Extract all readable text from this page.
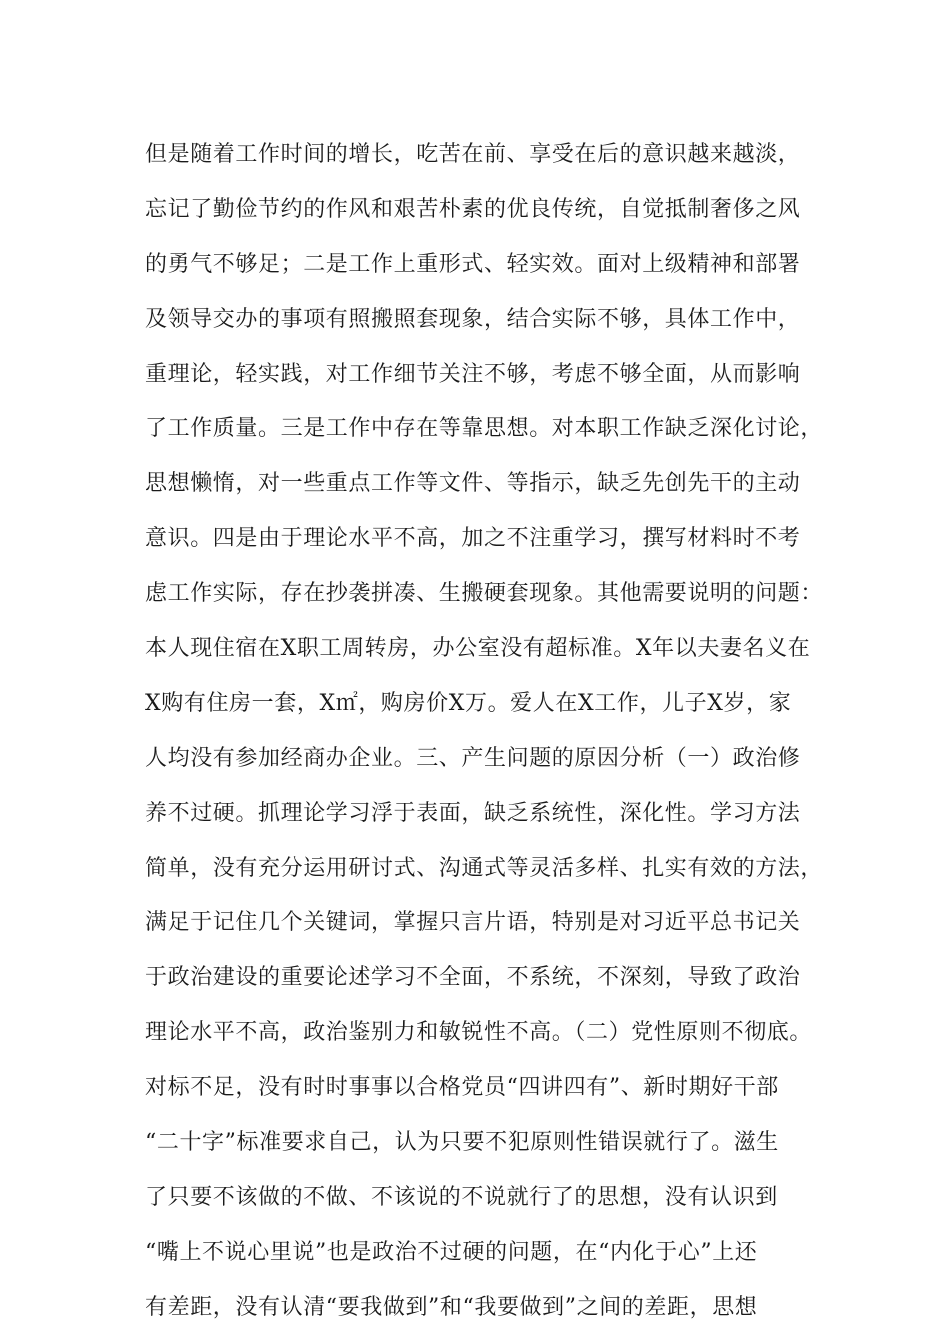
但是随着工作时间的增长，吃苦在前、享受在后的意识越来越淡，
忘记了勤俭节约的作风和艰苦朴素的优良传统，自觉抵制奢侈之风
的勇气不够足；二是工作上重形式、轻实效。面对上级精神和部署
及领导交办的事项有照搬照套现象，结合实际不够，具体工作中，
重理论，轻实践，对工作细节关注不够，考虑不够全面，从而影响
了工作质量。三是工作中存在等靠思想。对本职工作缺乏深化讨论，
思想懒惰，对一些重点工作等文件、等指示，缺乏先创先干的主动
意识。四是由于理论水平不高，加之不注重学习，撰写材料时不考
虑工作实际，存在抄袭拼凑、生搬硬套现象。其他需要说明的问题：
本人现住宿在X职工周转房，办公室没有超标准。X年以夫妻名义在
X购有住房一套，X㎡，购房价X万。爱人在X工作，儿子X岁，家
人均没有参加经商办企业。三、产生问题的原因分析（一）政治修
养不过硬。抓理论学习浮于表面，缺乏系统性，深化性。学习方法
简单，没有充分运用研讨式、沟通式等灵活多样、扎实有效的方法，
满足于记住几个关键词，掌握只言片语，特别是对习近平总书记关
于政治建设的重要论述学习不全面，不系统，不深刻，导致了政治
理论水平不高，政治鉴别力和敏锐性不高。（二）党性原则不彻底。
对标不足，没有时时事事以合格党员“四讲四有”、新时期好干部
“二十字”标准要求自己，认为只要不犯原则性错误就行了。滋生
了只要不该做的不做、不该说的不说就行了的思想，没有认识到
“嘴上不说心里说”也是政治不过硬的问题，在“内化于心”上还
有差距，没有认清“要我做到”和“我要做到”之间的差距，思想
